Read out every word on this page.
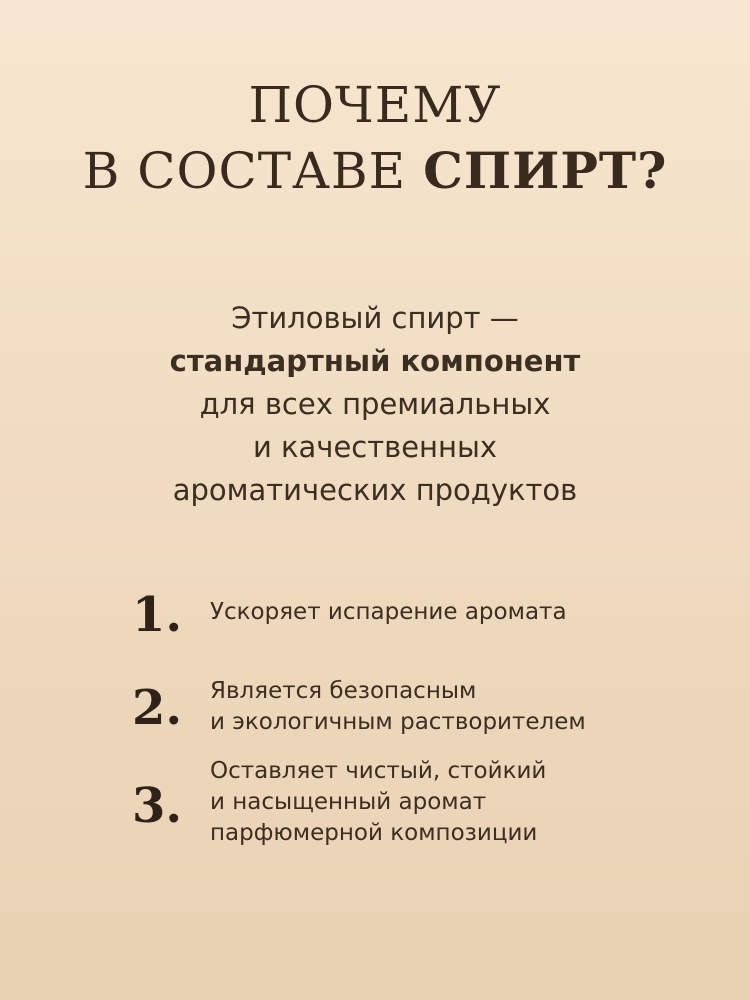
ПОЧЕМУ
В СОСТАВЕ СПИРТ?
Этиловый спирт —
стандартный компонент
для всех премиальных
и качественных
ароматических продуктов
1. Ускоряет испарение аромата
2. Является безопасным
и экологичным растворителем
3.
Оставляет чистый, стойкий
и насыщенный аромат
парфюмерной композиции
